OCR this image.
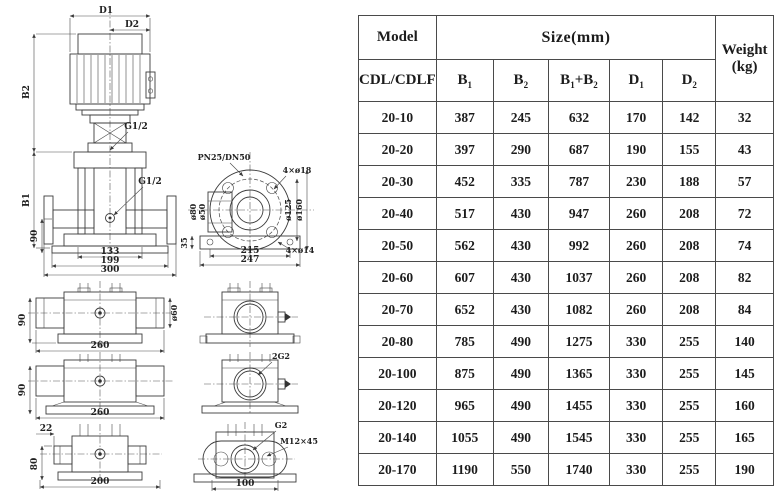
D1
D2
B2
B1
G1/2
G1/2
90
133
199
300
PN25/DN50
4×ø18
ø80 ø50	ø125 ø160
35
215
247
4×ø14
90
260
ø60
90
260
22
80
200
2G2
G2
M12×45
100
Model	Size(mm)					Weight
(kg)

CDL/CDLF	$B_1$	$B_2$	$B_1+B_2$	$D_1$	$D_2$
20-10	387	245	632	170	142	32
20-20	397	290	687	190	155	43
20-30	452	335	787	230	188	57
20-40	517	430	947	260	208	72
20-50	562	430	992	260	208	74
20-60	607	430	1037	260	208	82
20-70	652	430	1082	260	208	84
20-80	785	490	1275	330	255	140
20-100	875	490	1365	330	255	145
20-120	965	490	1455	330	255	160
20-140	1055	490	1545	330	255	165
20-170	1190	550	1740	330	255	190
